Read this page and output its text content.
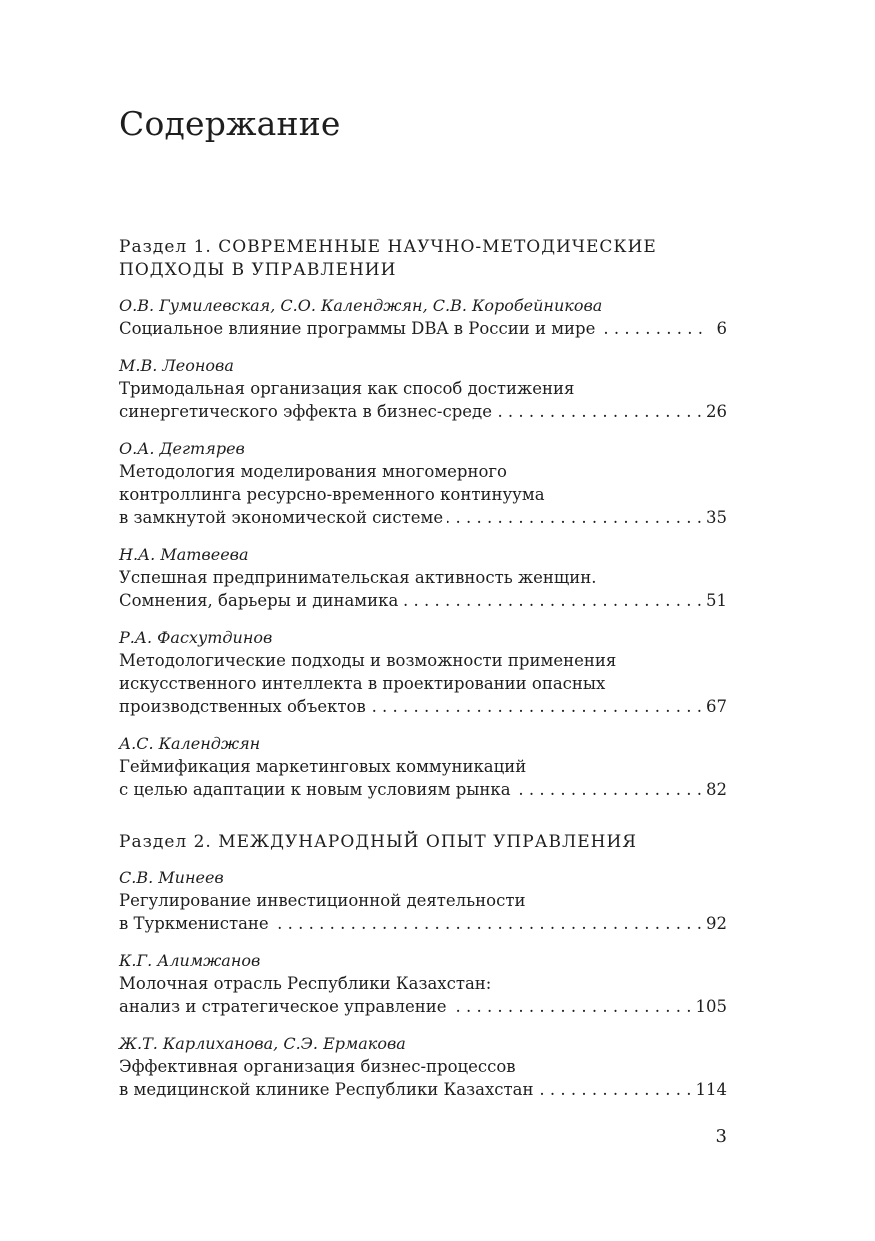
Содержание
Раздел 1. СОВРЕМЕННЫЕ НАУЧНО-МЕТОДИЧЕСКИЕ
ПОДХОДЫ В УПРАВЛЕНИИ
О.В. Гумилевская, С.О. Календжян, С.В. Коробейникова
Социальное влияние программы DBA в России и мире . . .	6
М.В. Леонова
Тримодальная организация как способ достижения
синергетического эффекта в бизнес-среде . . .	26
О.А. Дегтярев
Методология моделирования многомерного
контроллинга ресурсно-временного континуума
в замкнутой экономической системе . . .	35
Н.А. Матвеева
Успешная предпринимательская активность женщин.
Сомнения, барьеры и динамика . . .	51
Р.А. Фасхутдинов
Методологические подходы и возможности применения
искусственного интеллекта в проектировании опасных
производственных объектов . . .	67
А.С. Календжян
Геймификация маркетинговых коммуникаций
с целью адаптации к новым условиям рынка . . .	82
Раздел 2. МЕЖДУНАРОДНЫЙ ОПЫТ УПРАВЛЕНИЯ
С.В. Минеев
Регулирование инвестиционной деятельности
в Туркменистане . . .	92
К.Г. Алимжанов
Молочная отрасль Республики Казахстан:
анализ и стратегическое управление . . .	105
Ж.Т. Карлиханова, С.Э. Ермакова
Эффективная организация бизнес-процессов
в медицинской клинике Республики Казахстан . . .	114
3
